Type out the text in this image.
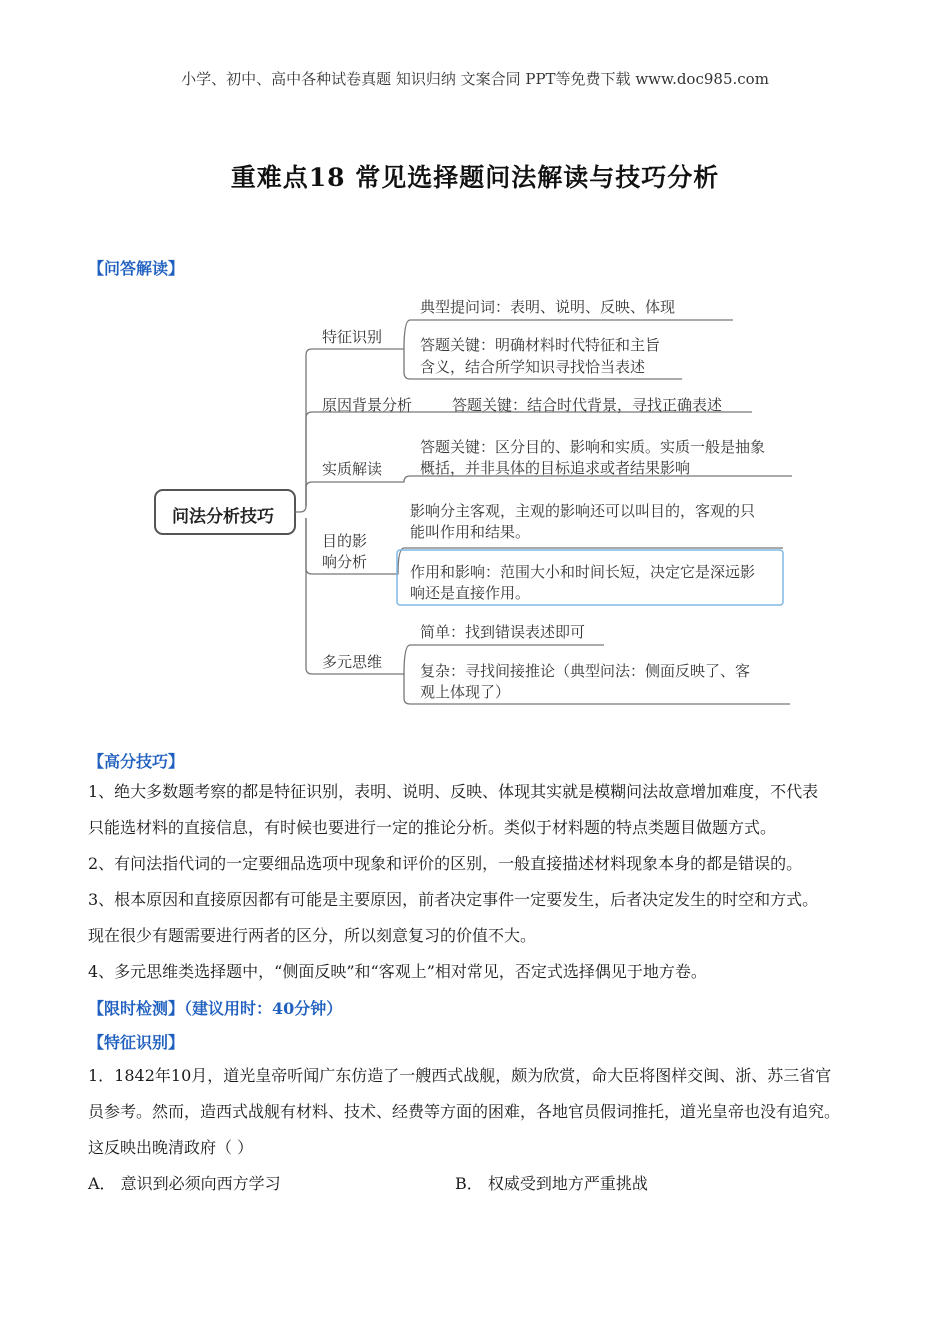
小学、初中、高中各种试卷真题 知识归纳 文案合同 PPT等免费下载 www.doc985.com
重难点18 常见选择题问法解读与技巧分析
【问答解读】
问法分析技巧
特征识别
典型提问词：表明、说明、反映、体现
答题关键：明确材料时代特征和主旨
含义，结合所学知识寻找恰当表述
原因背景分析	答题关键：结合时代背景，寻找正确表述
实质解读
答题关键：区分目的、影响和实质。实质一般是抽象
概括，并非具体的目标追求或者结果影响
目的影
响分析
影响分主客观，主观的影响还可以叫目的，客观的只
能叫作用和结果。
作用和影响：范围大小和时间长短，决定它是深远影
响还是直接作用。
多元思维
简单：找到错误表述即可
复杂：寻找间接推论（典型问法：侧面反映了、客
观上体现了）
【高分技巧】
1、绝大多数题考察的都是特征识别，表明、说明、反映、体现其实就是模糊问法故意增加难度，不代表
只能选材料的直接信息，有时候也要进行一定的推论分析。类似于材料题的特点类题目做题方式。
2、有问法指代词的一定要细品选项中现象和评价的区别，一般直接描述材料现象本身的都是错误的。
3、根本原因和直接原因都有可能是主要原因，前者决定事件一定要发生，后者决定发生的时空和方式。
现在很少有题需要进行两者的区分，所以刻意复习的价值不大。
4、多元思维类选择题中，“侧面反映”和“客观上”相对常见，否定式选择偶见于地方卷。
【限时检测】（建议用时：40分钟）
【特征识别】
1．1842年10月，道光皇帝听闻广东仿造了一艘西式战舰，颇为欣赏，命大臣将图样交闽、浙、苏三省官
员参考。然而，造西式战舰有材料、技术、经费等方面的困难，各地官员假词推托，道光皇帝也没有追究。
这反映出晚清政府（ ）
A． 意识到必须向西方学习	B． 权威受到地方严重挑战
